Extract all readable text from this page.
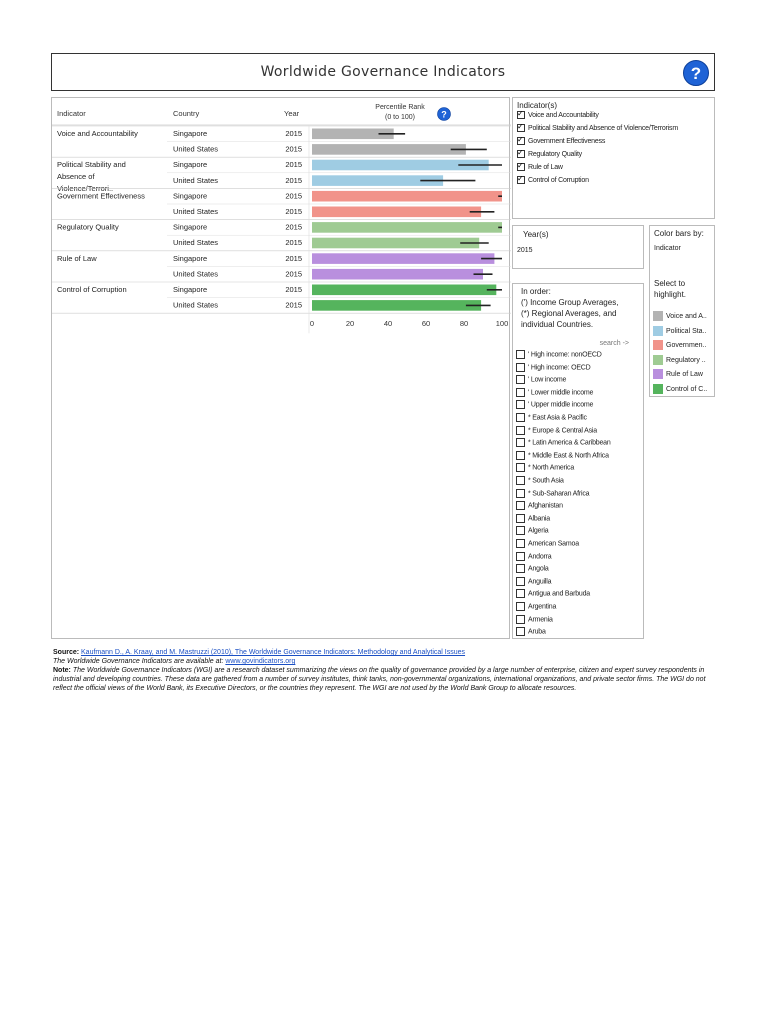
Worldwide Governance Indicators	?
Indicator	Country	Year
Percentile Rank
(0 to 100)	?
Voice and Accountability	Singapore	2015
United States	2015
Political Stability and
Absence of
Violence/Terrori..
Singapore	2015
United States	2015
Government Effectiveness	Singapore	2015
United States	2015
Regulatory Quality	Singapore	2015
United States	2015
Rule of Law	Singapore	2015
United States	2015
Control of Corruption	Singapore	2015
United States	2015
0	20	40	60	80	100
Indicator(s)
✓Voice and Accountability
✓Political Stability and Absence of Violence/Terrorism
✓Government Effectiveness
✓Regulatory Quality
✓Rule of Law
✓Control of Corruption
Year(s)
2015
In order:
(') Income Group Averages,
(*) Regional Averages, and individual Countries.
search ->
' High income: nonOECD
' High income: OECD
' Low income
' Lower middle income
' Upper middle income
* East Asia & Pacific
* Europe & Central Asia
* Latin America & Caribbean
* Middle East & North Africa
* North America
* South Asia
* Sub-Saharan Africa
Afghanistan
Albania
Algeria
American Samoa
Andorra
Angola
Anguilla
Antigua and Barbuda
Argentina
Armenia
Aruba
Color bars by:
Indicator
Select to highlight.
Voice and A..
Political Sta..
Governmen..
Regulatory ..
Rule of Law
Control of C..
Source: Kaufmann D., A. Kraay, and M. Mastruzzi (2010), The Worldwide Governance Indicators: Methodology and Analytical Issues
The Worldwide Governance Indicators are available at: www.govindicators.org
Note: The Worldwide Governance Indicators (WGI) are a research dataset summarizing the views on the quality of governance provided by a large number of enterprise, citizen and expert survey respondents in industrial and developing countries. These data are gathered from a number of survey institutes, think tanks, non-governmental organizations, international organizations, and private sector firms. The WGI do not reflect the official views of the World Bank, its Executive Directors, or the countries they represent. The WGI are not used by the World Bank Group to allocate resources.
